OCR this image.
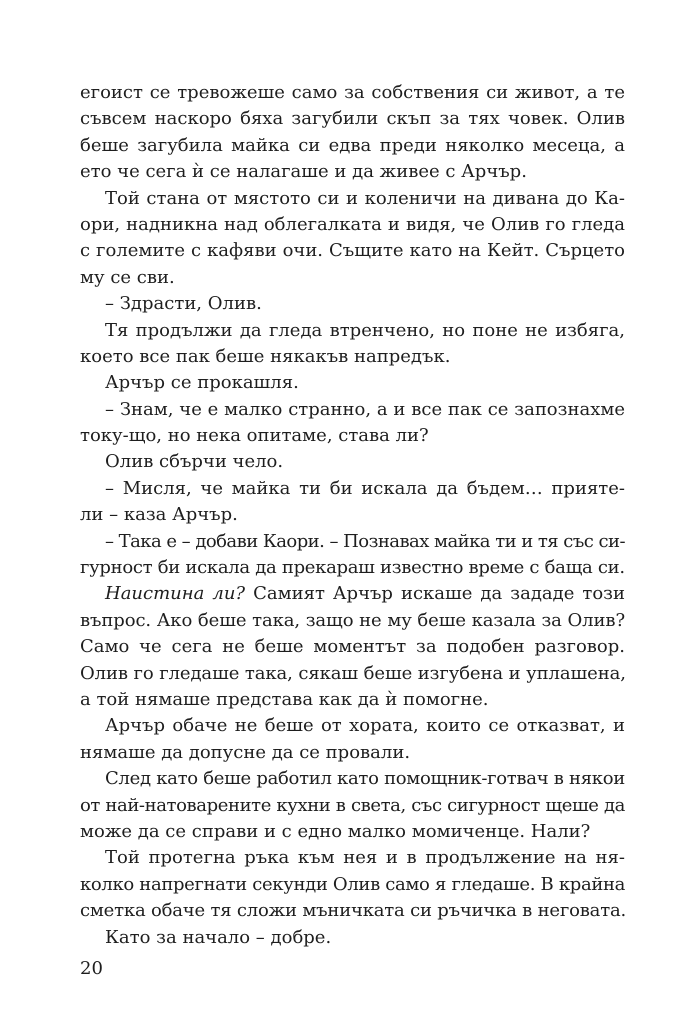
егоист се тревожеше само за собствения си живот, а те
съвсем наскоро бяха загубили скъп за тях човек. Олив
беше загубила майка си едва преди няколко месеца, а
ето че сега ѝ се налагаше и да живее с Арчър.
Той стана от мястото си и коленичи на дивана до Ка-
ори, надникна над облегалката и видя, че Олив го гледа
с големите с кафяви очи. Същите като на Кейт. Сърцето
му се сви.
– Здрасти, Олив.
Тя продължи да гледа втренчено, но поне не избяга,
което все пак беше някакъв напредък.
Арчър се прокашля.
– Знам, че е малко странно, а и все пак се запознахме
току-що, но нека опитаме, става ли?
Олив сбърчи чело.
– Мисля, че майка ти би искала да бъдем… прияте-
ли – каза Арчър.
– Така е – добави Каори. – Познавах майка ти и тя със си-
гурност би искала да прекараш известно време с баща си.
Наистина ли? Самият Арчър искаше да зададе този
въпрос. Ако беше така, защо не му беше казала за Олив?
Само че сега не беше моментът за подобен разговор.
Олив го гледаше така, сякаш беше изгубена и уплашена,
а той нямаше представа как да ѝ помогне.
Арчър обаче не беше от хората, които се отказват, и
нямаше да допусне да се провали.
След като беше работил като помощник-готвач в някои
от най-натоварените кухни в света, със сигурност щеше да
може да се справи и с едно малко момиченце. Нали?
Той протегна ръка към нея и в продължение на ня-
колко напрегнати секунди Олив само я гледаше. В крайна
сметка обаче тя сложи мъничката си ръчичка в неговата.
Като за начало – добре.
20
